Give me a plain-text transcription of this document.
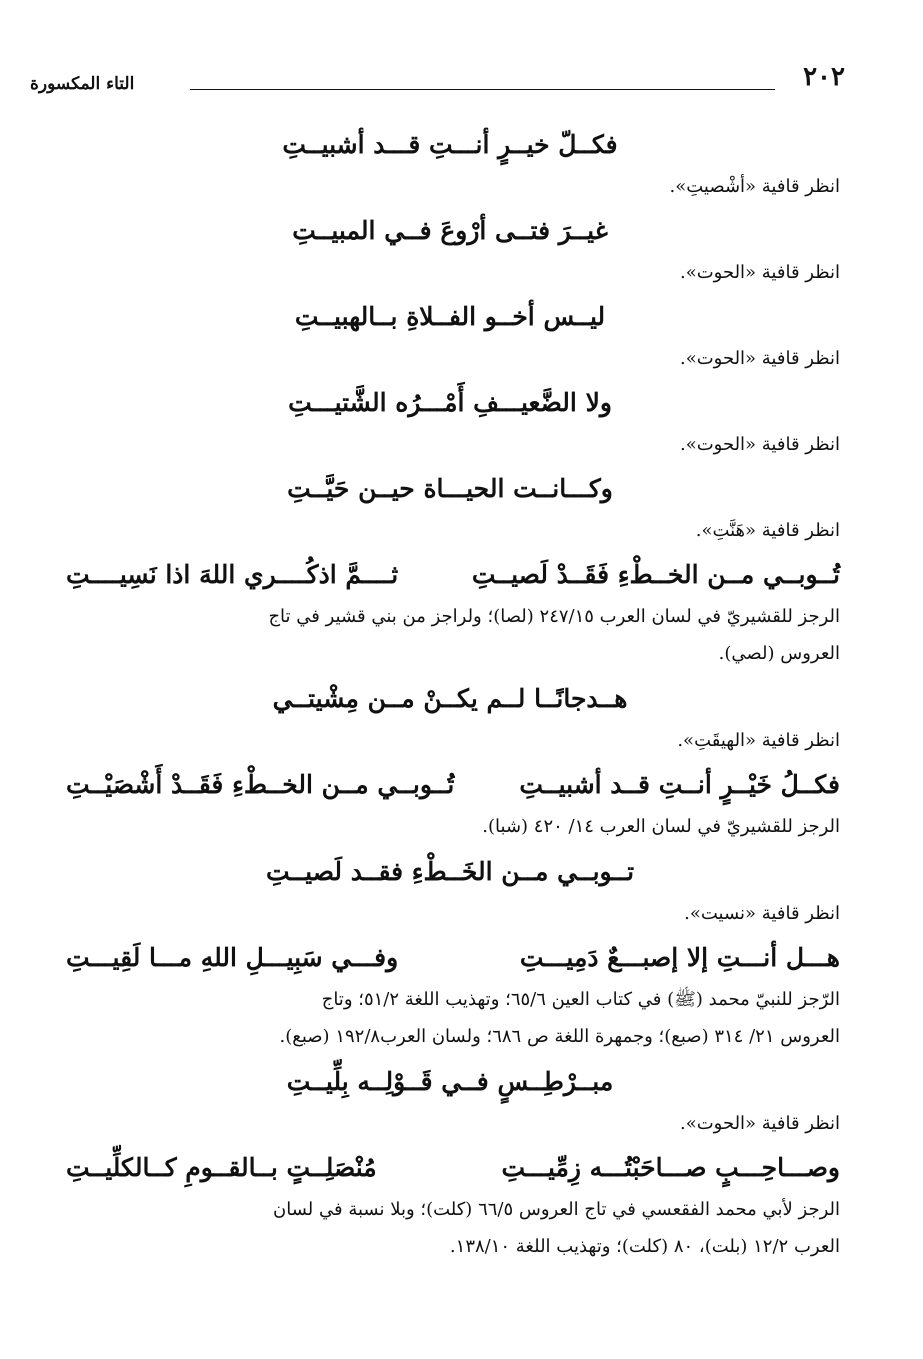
٢٠٢
التاء المكسورة
فكــلّ خيــرٍ أنـــتِ قـــد أشبيــتِ
انظر قافية «أشْصيتِ».
غيــرَ فتــى أرْوعَ فــي المبيــتِ
انظر قافية «الحوت».
ليــس أخــو الفــلاةِ بــالهبيــتِ
انظر قافية «الحوت».
ولا الضَّعيـــفِ أَمْـــرُه الشَّتيـــتِ
انظر قافية «الحوت».
وكـــانــت الحيـــاة حيــن حَيَّــتِ
انظر قافية «هَنَّتِ».
تُــوبــي مــن الخــطْءِ فَقَــدْ لَصيــتِ
ثــــمَّ اذكُــــري اللهَ اذا نَسِيــــتِ
الرجز للقشيريّ في لسان العرب ٢٤٧/١٥ (لصا)؛ ولراجز من بني قشير في تاج
العروس (لصي).
هــدجانًــا لــم يكــنْ مــن مِشْيتــي
انظر قافية «الهيقَتِ».
فكــلُ خَيْــرٍ أنــتِ قــد أشبيــتِ
تُــوبــي مــن الخــطْءِ فَقَــدْ أَشْصَيْــتِ
الرجز للقشيريّ في لسان العرب ١٤/ ٤٢٠ (شبا).
تــوبــي مــن الخَــطْءِ فقــد لَصيــتِ
انظر قافية «نسيت».
هـــل أنـــتِ إلا إصبـــعٌ دَمِيـــتِ
وفـــي سَبِيـــلِ اللهِ مـــا لَقِيـــتِ
الرّجز للنبيّ محمد (ﷺ) في كتاب العين ٦٥/٦؛ وتهذيب اللغة ٥١/٢؛ وتاج
العروس ٢١/ ٣١٤ (صبع)؛ وجمهرة اللغة ص ٦٨٦؛ ولسان العرب١٩٢/٨ (صبع).
مبــرْطِــسٍ فــي قَــوْلِــه بِلِّيــتِ
انظر قافية «الحوت».
وصـــاحِـــبٍ صـــاحَبْتُـــه زِمِّيـــتِ
مُنْصَلِــتٍ بــالقــومِ كــالكلِّيــتِ
الرجز لأبي محمد الفقعسي في تاج العروس ٦٦/٥ (كلت)؛ وبلا نسبة في لسان
العرب ١٢/٢ (بلت)، ٨٠ (كلت)؛ وتهذيب اللغة ١٣٨/١٠.
